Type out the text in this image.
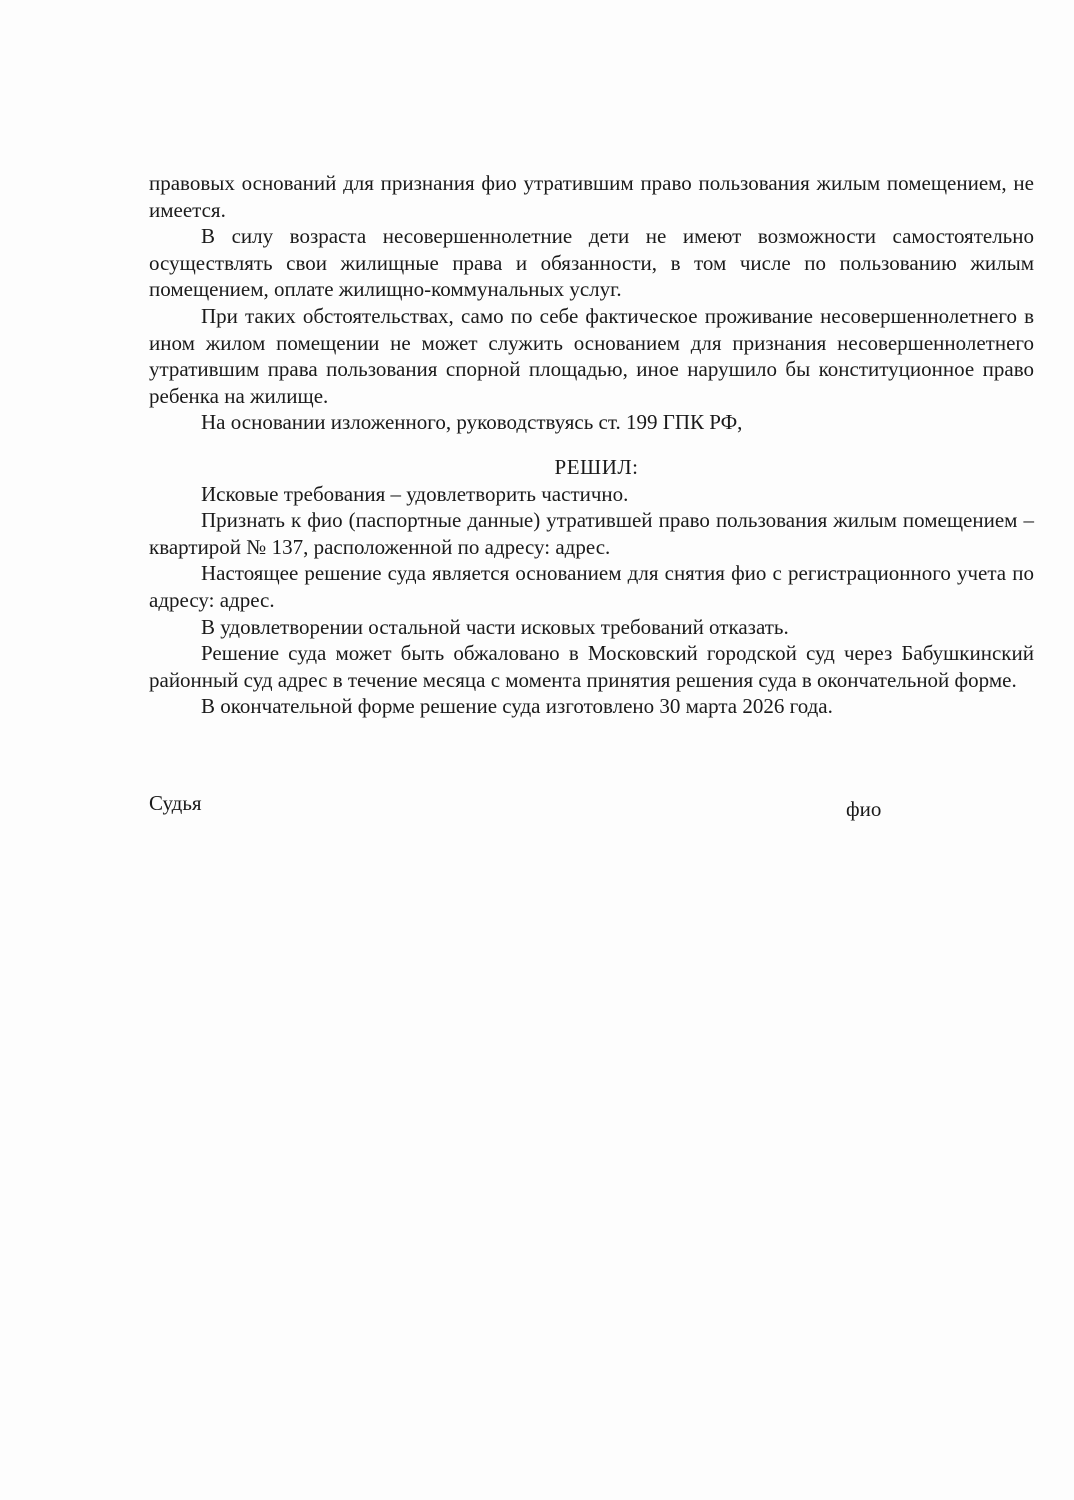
правовых оснований для признания фио утратившим право пользования жилым помещением, не имеется.

В силу возраста несовершеннолетние дети не имеют возможности самостоятельно осуществлять свои жилищные права и обязанности, в том числе по пользованию жилым помещением, оплате жилищно-коммунальных услуг.

При таких обстоятельствах, само по себе фактическое проживание несовершеннолетнего в ином жилом помещении не может служить основанием для признания несовершеннолетнего утратившим права пользования спорной площадью, иное нарушило бы конституционное право ребенка на жилище.

На основании изложенного, руководствуясь ст. 199 ГПК РФ,

РЕШИЛ:

Исковые требования – удовлетворить частично.

Признать к фио (паспортные данные) утратившей право пользования жилым помещением – квартирой № 137, расположенной по адресу: адрес.

Настоящее решение суда является основанием для снятия фио с регистрационного учета по адресу: адрес.

В удовлетворении остальной части исковых требований отказать.

Решение суда может быть обжаловано в Московский городской суд через Бабушкинский районный суд адрес в течение месяца с момента принятия решения суда в окончательной форме.

В окончательной форме решение суда изготовлено 30 марта 2026 года.

Судья	фио
